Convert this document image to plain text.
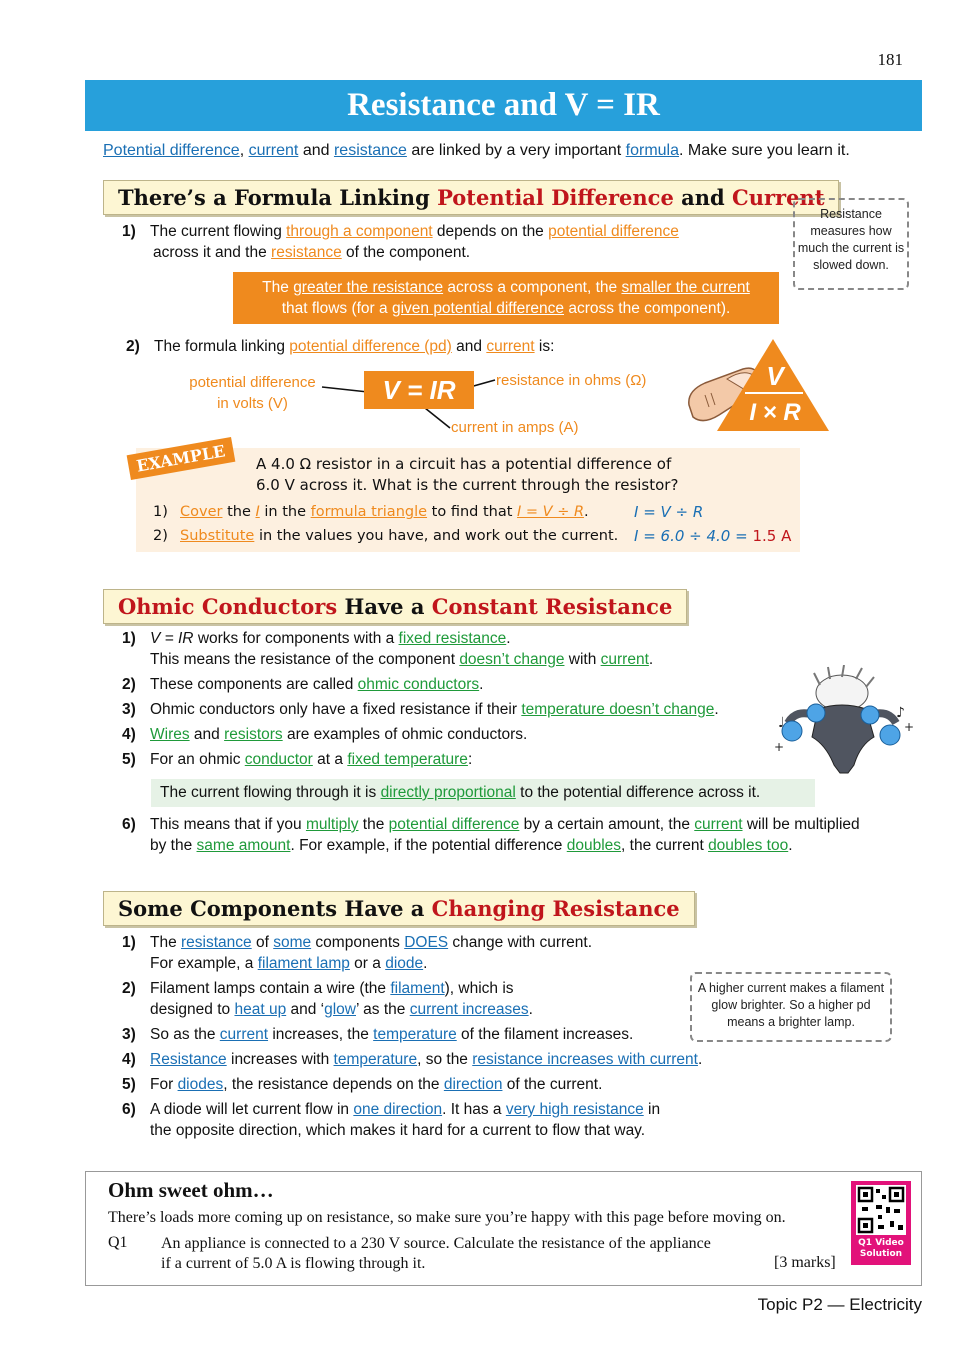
181
Resistance and V = IR
Potential difference, current and resistance are linked by a very important formula. Make sure you learn it.
There’s a Formula Linking Potential Difference and Current
Resistance measures how much the current is slowed down.
1) The current flowing through a component depends on the potential difference
across it and the resistance of the component.
The greater the resistance across a component, the smaller the current
that flows (for a given potential difference across the component).
2) The formula linking potential difference (pd) and current is:
potential difference
in volts (V)	V = IR	resistance in ohms (Ω)
current in amps (A)
V
I × R
EXAMPLE	A 4.0 Ω resistor in a circuit has a potential difference of
6.0 V across it. What is the current through the resistor?
1) Cover the I in the formula triangle to find that I = V ÷ R.
2) Substitute in the values you have, and work out the current.
I = V ÷ R
I = 6.0 ÷ 4.0 = 1.5 A
Ohmic Conductors Have a Constant Resistance
1) V = IR works for components with a fixed resistance.
This means the resistance of the component doesn’t change with current.
2) These components are called ohmic conductors.
3) Ohmic conductors only have a fixed resistance if their temperature doesn’t change.
4) Wires and resistors are examples of ohmic conductors.
5) For an ohmic conductor at a fixed temperature:
♩
♪
+
+
The current flowing through it is directly proportional to the potential difference across it.
6) This means that if you multiply the potential difference by a certain amount, the current will be multiplied
by the same amount. For example, if the potential difference doubles, the current doubles too.
Some Components Have a Changing Resistance
1) The resistance of some components DOES change with current.
For example, a filament lamp or a diode.
2) Filament lamps contain a wire (the filament), which is
designed to heat up and ‘glow’ as the current increases.
3) So as the current increases, the temperature of the filament increases.
4) Resistance increases with temperature, so the resistance increases with current.
5) For diodes, the resistance depends on the direction of the current.
6) A diode will let current flow in one direction. It has a very high resistance in
the opposite direction, which makes it hard for a current to flow that way.
A higher current makes a filament glow brighter. So a higher pd means a brighter lamp.
Ohm sweet ohm…
There’s loads more coming up on resistance, so make sure you’re happy with this page before moving on.
Q1 An appliance is connected to a 230 V source. Calculate the resistance of the appliance
if a current of 5.0 A is flowing through it.	[3 marks]
Q1 Video Solution
Topic P2 — Electricity
